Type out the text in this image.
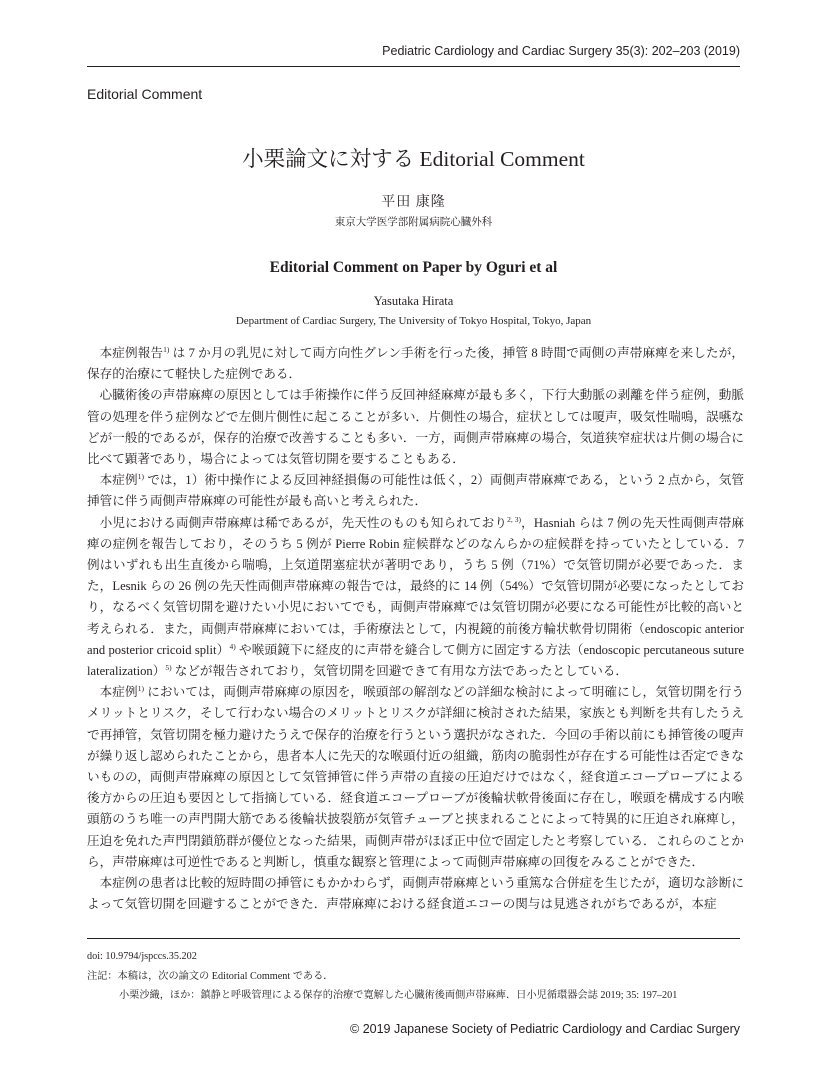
Pediatric Cardiology and Cardiac Surgery 35(3): 202–203 (2019)
Editorial Comment
小栗論文に対する Editorial Comment
平田 康隆
東京大学医学部附属病院心臓外科
Editorial Comment on Paper by Oguri et al
Yasutaka Hirata
Department of Cardiac Surgery, The University of Tokyo Hospital, Tokyo, Japan

本症例報告$^{1)}$ は 7 か月の乳児に対して両方向性グレン手術を行った後，挿管 8 時間で両側の声帯麻痺を来したが，保存的治療にて軽快した症例である．

心臓術後の声帯麻痺の原因としては手術操作に伴う反回神経麻痺が最も多く，下行大動脈の剥離を伴う症例，動脈管の処理を伴う症例などで左側片側性に起こることが多い．片側性の場合，症状としては嗄声，吸気性喘鳴，誤嚥などが一般的であるが，保存的治療で改善することも多い．一方，両側声帯麻痺の場合，気道狭窄症状は片側の場合に比べて顕著であり，場合によっては気管切開を要することもある．

本症例$^{1)}$ では，1）術中操作による反回神経損傷の可能性は低く，2）両側声帯麻痺である，という 2 点から，気管挿管に伴う両側声帯麻痺の可能性が最も高いと考えられた．

小児における両側声帯麻痺は稀であるが，先天性のものも知られており$^{2, 3)}$，Hasniah らは 7 例の先天性両側声帯麻痺の症例を報告しており，そのうち 5 例が Pierre Robin 症候群などのなんらかの症候群を持っていたとしている．7 例はいずれも出生直後から喘鳴，上気道閉塞症状が著明であり，うち 5 例（71%）で気管切開が必要であった．また，Lesnik らの 26 例の先天性両側声帯麻痺の報告では，最終的に 14 例（54%）で気管切開が必要になったとしており，なるべく気管切開を避けたい小児においてでも，両側声帯麻痺では気管切開が必要になる可能性が比較的高いと考えられる．また，両側声帯麻痺においては，手術療法として，内視鏡的前後方輪状軟骨切開術（endoscopic anterior and posterior cricoid split）$^{4)}$ や喉頭鏡下に経皮的に声帯を縫合して側方に固定する方法（endoscopic percutaneous suture lateralization）$^{5)}$ などが報告されており，気管切開を回避できて有用な方法であったとしている．

本症例$^{1)}$ においては，両側声帯麻痺の原因を，喉頭部の解剖などの詳細な検討によって明確にし，気管切開を行うメリットとリスク，そして行わない場合のメリットとリスクが詳細に検討された結果，家族とも判断を共有したうえで再挿管，気管切開を極力避けたうえで保存的治療を行うという選択がなされた．今回の手術以前にも挿管後の嗄声が繰り返し認められたことから，患者本人に先天的な喉頭付近の組織，筋肉の脆弱性が存在する可能性は否定できないものの，両側声帯麻痺の原因として気管挿管に伴う声帯の直接の圧迫だけではなく，経食道エコープローブによる後方からの圧迫も要因として指摘している．経食道エコープローブが後輪状軟骨後面に存在し，喉頭を構成する内喉頭筋のうち唯一の声門開大筋である後輪状披裂筋が気管チューブと挟まれることによって特異的に圧迫され麻痺し，圧迫を免れた声門閉鎖筋群が優位となった結果，両側声帯がほぼ正中位で固定したと考察している．これらのことから，声帯麻痺は可逆性であると判断し，慎重な観察と管理によって両側声帯麻痺の回復をみることができた．

本症例の患者は比較的短時間の挿管にもかかわらず，両側声帯麻痺という重篤な合併症を生じたが，適切な診断によって気管切開を回避することができた．声帯麻痺における経食道エコーの関与は見逃されがちであるが，本症

doi: 10.9794/jspccs.35.202
注記：本稿は，次の論文の Editorial Comment である．
小栗沙織，ほか：鎮静と呼吸管理による保存的治療で寛解した心臓術後両側声帯麻痺．日小児循環器会誌 2019; 35: 197–201
© 2019 Japanese Society of Pediatric Cardiology and Cardiac Surgery
